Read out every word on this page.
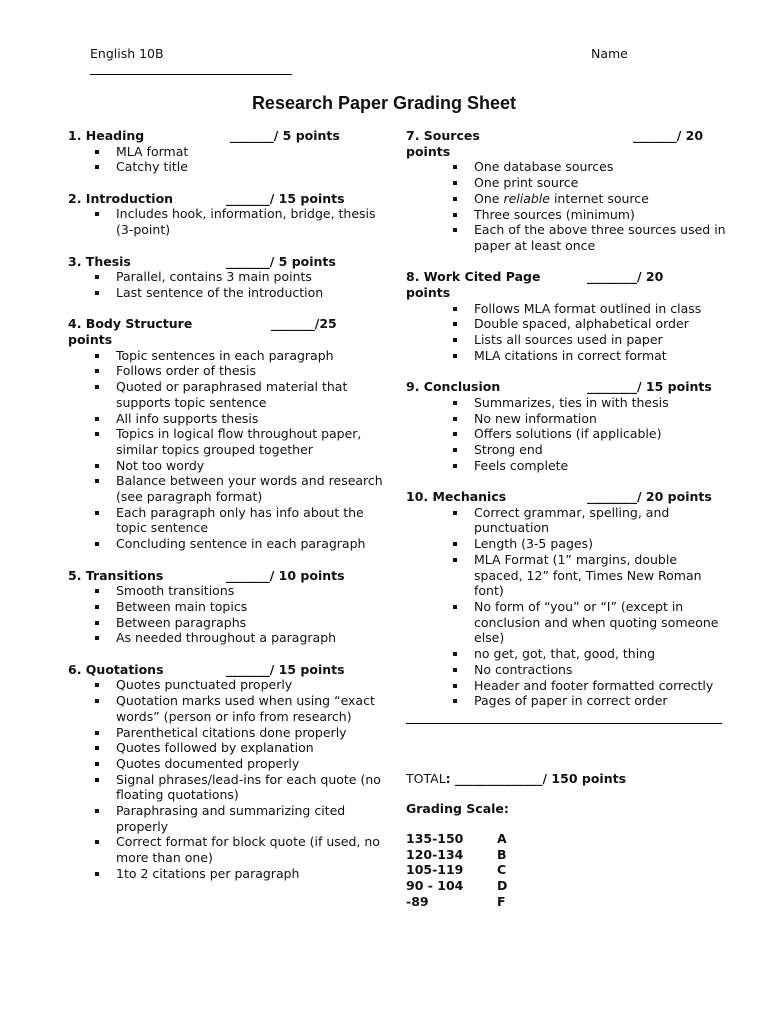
English 10B	Name
Research Paper Grading Sheet
1. Heading	_______/ 5 points
MLA format
Catchy title
2. Introduction	_______/ 15 points
Includes hook, information, bridge, thesis (3-point)
3. Thesis	_______/ 5 points
Parallel, contains 3 main points
Last sentence of the introduction
4. Body Structure	_______/25
points
Topic sentences in each paragraph
Follows order of thesis
Quoted or paraphrased material that supports topic sentence
All info supports thesis
Topics in logical flow throughout paper, similar topics grouped together
Not too wordy
Balance between your words and research (see paragraph format)
Each paragraph only has info about the topic sentence
Concluding sentence in each paragraph
5. Transitions	_______/ 10 points
Smooth transitions
Between main topics
Between paragraphs
As needed throughout a paragraph
6. Quotations	_______/ 15 points
Quotes punctuated properly
Quotation marks used when using “exact words” (person or info from research)
Parenthetical citations done properly
Quotes followed by explanation
Quotes documented properly
Signal phrases/lead-ins for each quote (no floating quotations)
Paraphrasing and summarizing cited properly
Correct format for block quote (if used, no more than one)
1to 2 citations per paragraph
7. Sources	_______/ 20
points
One database sources
One print source
One reliable internet source
Three sources (minimum)
Each of the above three sources used in paper at least once
8. Work Cited Page	________/ 20
points
Follows MLA format outlined in class
Double spaced, alphabetical order
Lists all sources used in paper
MLA citations in correct format
9. Conclusion	________/ 15 points
Summarizes, ties in with thesis
No new information
Offers solutions (if applicable)
Strong end
Feels complete
10. Mechanics	________/ 20 points
Correct grammar, spelling, and punctuation
Length (3-5 pages)
MLA Format (1” margins, double spaced, 12” font, Times New Roman font)
No form of “you” or “I” (except in conclusion and when quoting someone else)
no get, got, that, good, thing
No contractions
Header and footer formatted correctly
Pages of paper in correct order
TOTAL: ______________/ 150 points
Grading Scale:
135-150	A
120-134	B
105-119	C
90 - 104	D
-89	F
